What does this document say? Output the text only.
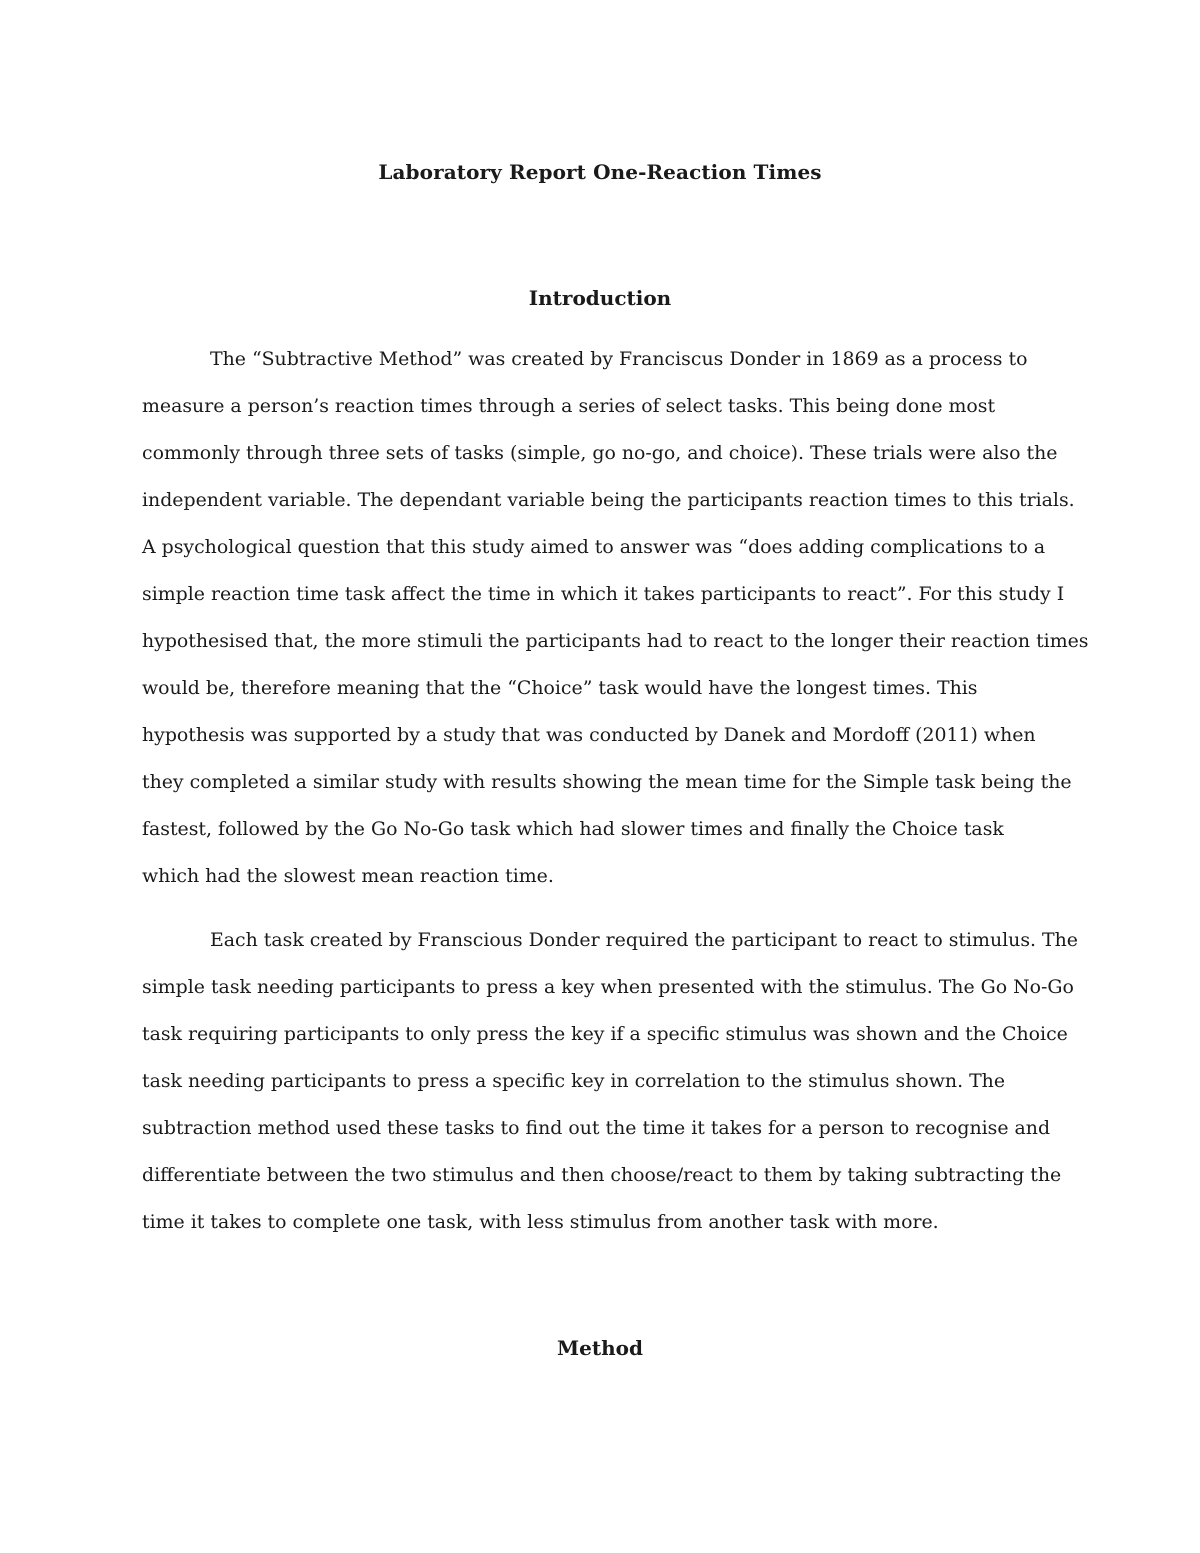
Laboratory Report One-Reaction Times
Introduction
The “Subtractive Method” was created by Franciscus Donder in 1869 as a process to
measure a person’s reaction times through a series of select tasks. This being done most
commonly through three sets of tasks (simple, go no-go, and choice). These trials were also the
independent variable. The dependant variable being the participants reaction times to this trials.
A psychological question that this study aimed to answer was “does adding complications to a
simple reaction time task affect the time in which it takes participants to react”. For this study I
hypothesised that, the more stimuli the participants had to react to the longer their reaction times
would be, therefore meaning that the “Choice” task would have the longest times. This
hypothesis was supported by a study that was conducted by Danek and Mordoff (2011) when
they completed a similar study with results showing the mean time for the Simple task being the
fastest, followed by the Go No-Go task which had slower times and finally the Choice task
which had the slowest mean reaction time.
Each task created by Franscious Donder required the participant to react to stimulus. The
simple task needing participants to press a key when presented with the stimulus. The Go No-Go
task requiring participants to only press the key if a specific stimulus was shown and the Choice
task needing participants to press a specific key in correlation to the stimulus shown. The
subtraction method used these tasks to find out the time it takes for a person to recognise and
differentiate between the two stimulus and then choose/react to them by taking subtracting the
time it takes to complete one task, with less stimulus from another task with more.
Method
